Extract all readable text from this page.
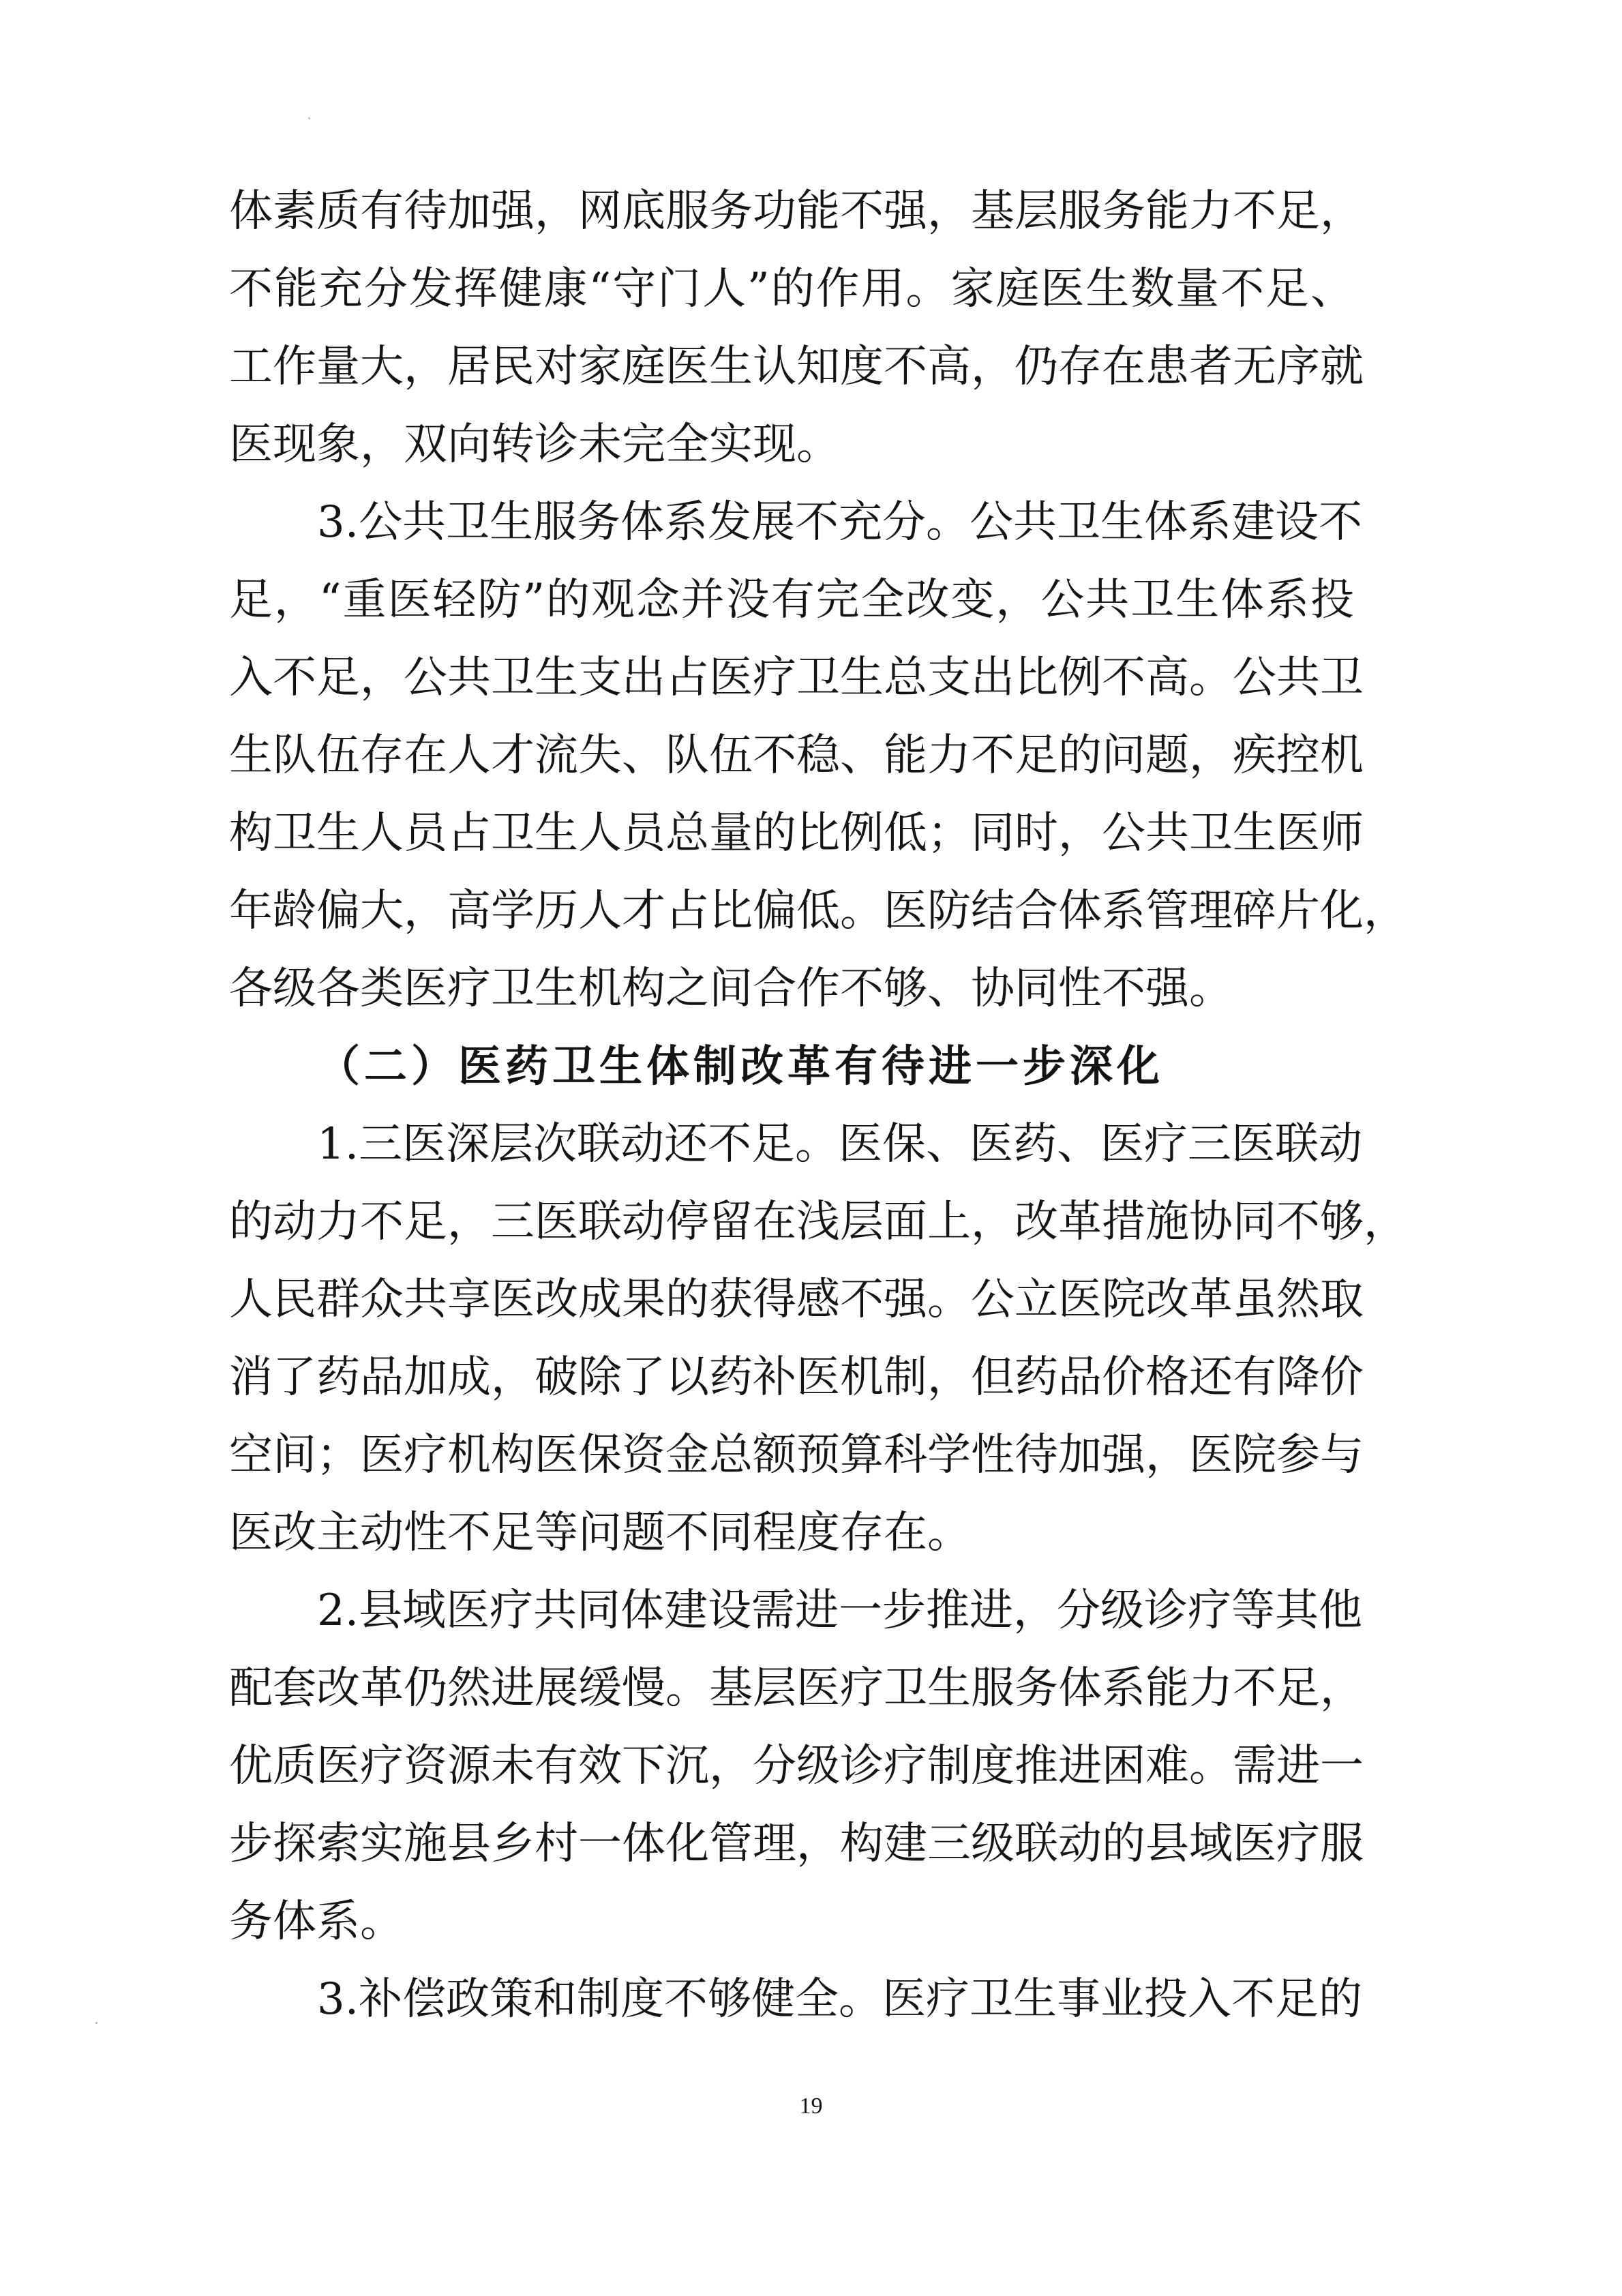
体素质有待加强，网底服务功能不强，基层服务能力不足，
不能充分发挥健康“守门人”的作用。家庭医生数量不足、
工作量大，居民对家庭医生认知度不高，仍存在患者无序就
医现象，双向转诊未完全实现。
3.公共卫生服务体系发展不充分。公共卫生体系建设不
足，“重医轻防”的观念并没有完全改变，公共卫生体系投
入不足，公共卫生支出占医疗卫生总支出比例不高。公共卫
生队伍存在人才流失、队伍不稳、能力不足的问题，疾控机
构卫生人员占卫生人员总量的比例低；同时，公共卫生医师
年龄偏大，高学历人才占比偏低。医防结合体系管理碎片化，
各级各类医疗卫生机构之间合作不够、协同性不强。
（二）医药卫生体制改革有待进一步深化
1.三医深层次联动还不足。医保、医药、医疗三医联动
的动力不足，三医联动停留在浅层面上，改革措施协同不够，
人民群众共享医改成果的获得感不强。公立医院改革虽然取
消了药品加成，破除了以药补医机制，但药品价格还有降价
空间；医疗机构医保资金总额预算科学性待加强，医院参与
医改主动性不足等问题不同程度存在。
2.县域医疗共同体建设需进一步推进，分级诊疗等其他
配套改革仍然进展缓慢。基层医疗卫生服务体系能力不足，
优质医疗资源未有效下沉，分级诊疗制度推进困难。需进一
步探索实施县乡村一体化管理，构建三级联动的县域医疗服
务体系。
3.补偿政策和制度不够健全。医疗卫生事业投入不足的
19
